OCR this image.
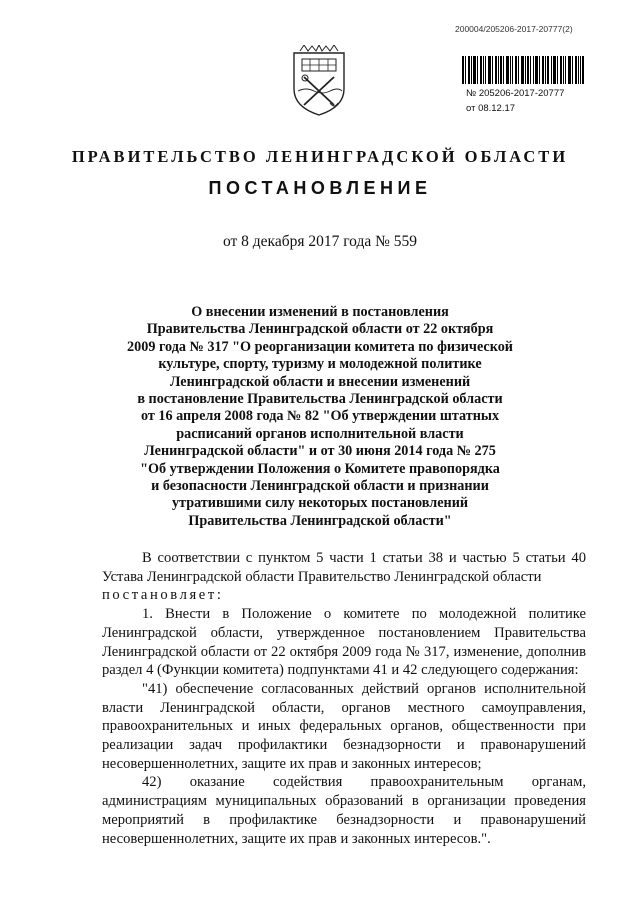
200004/205206-2017-20777(2)
№ 205206-2017-20777
от 08.12.17
ПРАВИТЕЛЬСТВО ЛЕНИНГРАДСКОЙ ОБЛАСТИ
ПОСТАНОВЛЕНИЕ
от 8 декабря 2017 года № 559
О внесении изменений в постановления
Правительства Ленинградской области от 22 октября
2009 года № 317 "О реорганизации комитета по физической
культуре, спорту, туризму и молодежной политике
Ленинградской области и внесении изменений
в постановление Правительства Ленинградской области
от 16 апреля 2008 года № 82 "Об утверждении штатных
расписаний органов исполнительной власти
Ленинградской области" и от 30 июня 2014 года № 275
"Об утверждении Положения о Комитете правопорядка
и безопасности Ленинградской области и признании
утратившими силу некоторых постановлений
Правительства Ленинградской области"

В соответствии с пунктом 5 части 1 статьи 38 и частью 5 статьи 40 Устава Ленинградской области Правительство Ленинградской области

постановляет:

1. Внести в Положение о комитете по молодежной политике Ленинградской области, утвержденное постановлением Правительства Ленинградской области от 22 октября 2009 года № 317, изменение, дополнив раздел 4 (Функции комитета) подпунктами 41 и 42 следующего содержания:

"41) обеспечение согласованных действий органов исполнительной власти Ленинградской области, органов местного самоуправления, правоохранительных и иных федеральных органов, общественности при реализации задач профилактики безнадзорности и правонарушений несовершеннолетних, защите их прав и законных интересов;

42) оказание содействия правоохранительным органам, администрациям муниципальных образований в организации проведения мероприятий в профилактике безнадзорности и правонарушений несовершеннолетних, защите их прав и законных интересов.".
